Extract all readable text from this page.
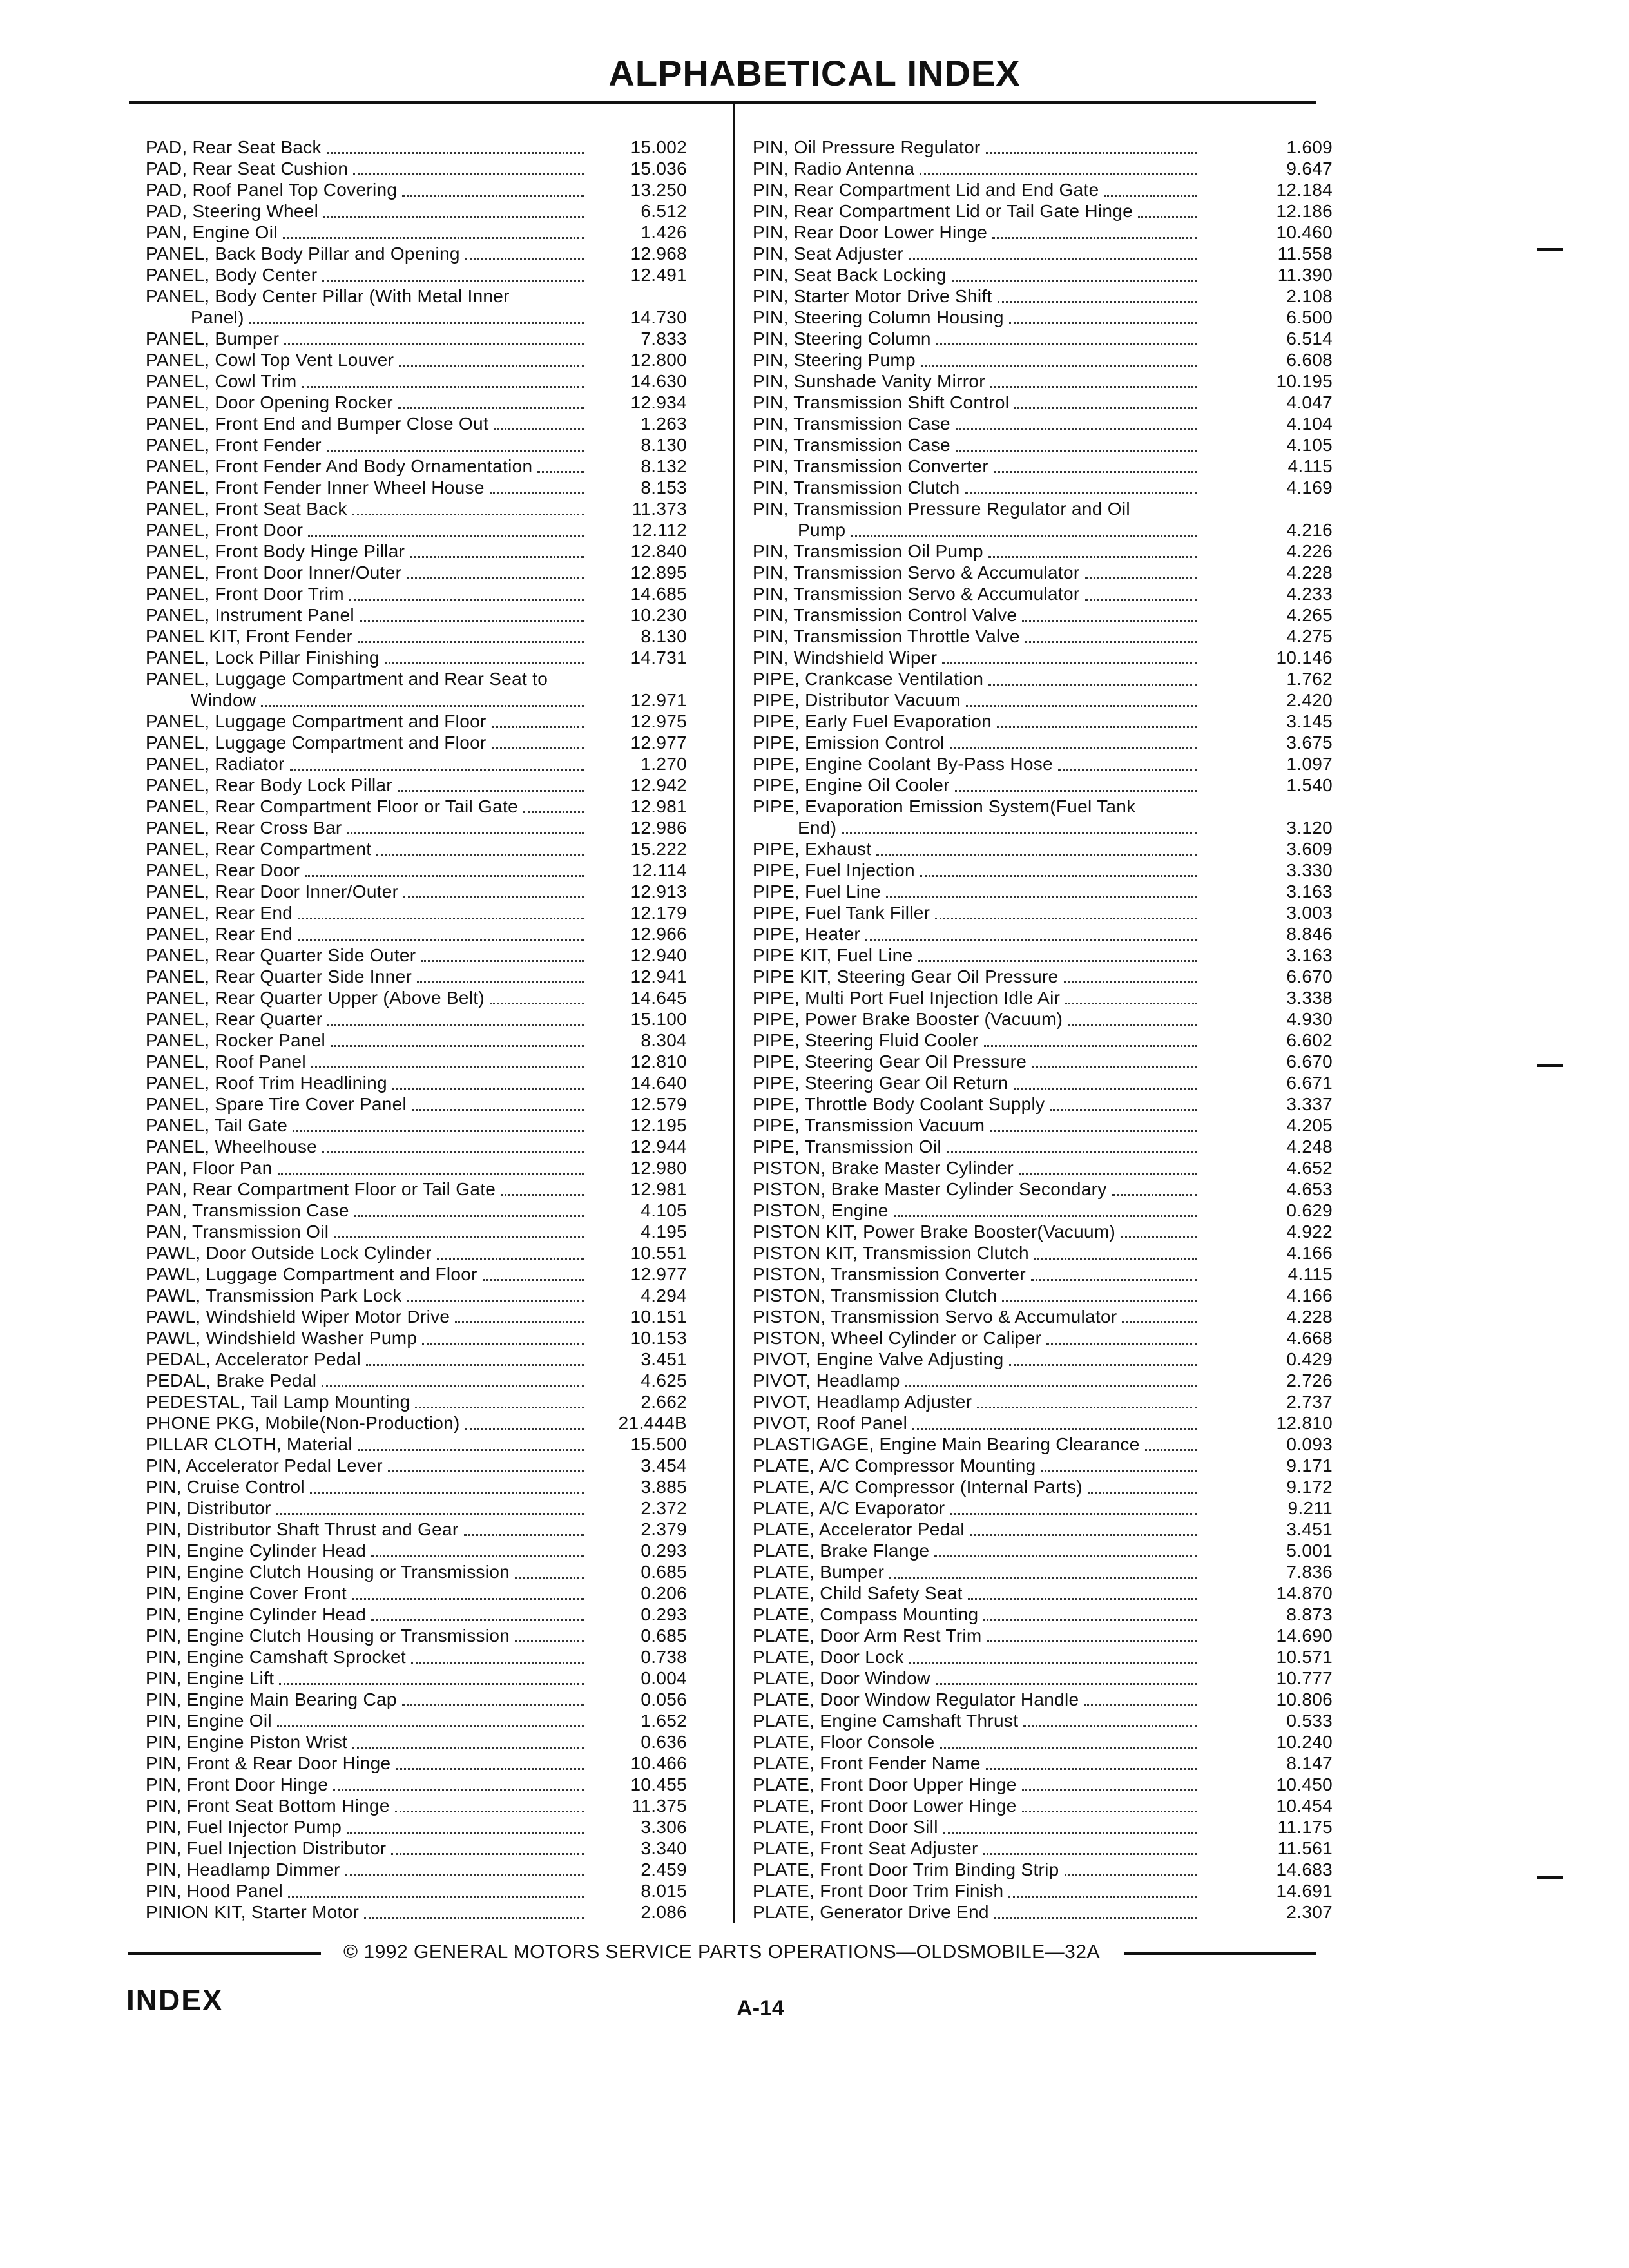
ALPHABETICAL INDEX
PAD, Rear Seat Back	15.002
PAD, Rear Seat Cushion	15.036
PAD, Roof Panel Top Covering	13.250
PAD, Steering Wheel	6.512
PAN, Engine Oil	1.426
PANEL, Back Body Pillar and Opening	12.968
PANEL, Body Center	12.491
PANEL, Body Center Pillar (With Metal Inner
Panel)	14.730
PANEL, Bumper	7.833
PANEL, Cowl Top Vent Louver	12.800
PANEL, Cowl Trim	14.630
PANEL, Door Opening Rocker	12.934
PANEL, Front End and Bumper Close Out	1.263
PANEL, Front Fender	8.130
PANEL, Front Fender And Body Ornamentation	8.132
PANEL, Front Fender Inner Wheel House	8.153
PANEL, Front Seat Back	11.373
PANEL, Front Door	12.112
PANEL, Front Body Hinge Pillar	12.840
PANEL, Front Door Inner/Outer	12.895
PANEL, Front Door Trim	14.685
PANEL, Instrument Panel	10.230
PANEL KIT, Front Fender	8.130
PANEL, Lock Pillar Finishing	14.731
PANEL, Luggage Compartment and Rear Seat to
Window	12.971
PANEL, Luggage Compartment and Floor	12.975
PANEL, Luggage Compartment and Floor	12.977
PANEL, Radiator	1.270
PANEL, Rear Body Lock Pillar	12.942
PANEL, Rear Compartment Floor or Tail Gate	12.981
PANEL, Rear Cross Bar	12.986
PANEL, Rear Compartment	15.222
PANEL, Rear Door	12.114
PANEL, Rear Door Inner/Outer	12.913
PANEL, Rear End	12.179
PANEL, Rear End	12.966
PANEL, Rear Quarter Side Outer	12.940
PANEL, Rear Quarter Side Inner	12.941
PANEL, Rear Quarter Upper (Above Belt)	14.645
PANEL, Rear Quarter	15.100
PANEL, Rocker Panel	8.304
PANEL, Roof Panel	12.810
PANEL, Roof Trim Headlining	14.640
PANEL, Spare Tire Cover Panel	12.579
PANEL, Tail Gate	12.195
PANEL, Wheelhouse	12.944
PAN, Floor Pan	12.980
PAN, Rear Compartment Floor or Tail Gate	12.981
PAN, Transmission Case	4.105
PAN, Transmission Oil	4.195
PAWL, Door Outside Lock Cylinder	10.551
PAWL, Luggage Compartment and Floor	12.977
PAWL, Transmission Park Lock	4.294
PAWL, Windshield Wiper Motor Drive	10.151
PAWL, Windshield Washer Pump	10.153
PEDAL, Accelerator Pedal	3.451
PEDAL, Brake Pedal	4.625
PEDESTAL, Tail Lamp Mounting	2.662
PHONE PKG, Mobile(Non-Production)	21.444B
PILLAR CLOTH, Material	15.500
PIN, Accelerator Pedal Lever	3.454
PIN, Cruise Control	3.885
PIN, Distributor	2.372
PIN, Distributor Shaft Thrust and Gear	2.379
PIN, Engine Cylinder Head	0.293
PIN, Engine Clutch Housing or Transmission	0.685
PIN, Engine Cover Front	0.206
PIN, Engine Cylinder Head	0.293
PIN, Engine Clutch Housing or Transmission	0.685
PIN, Engine Camshaft Sprocket	0.738
PIN, Engine Lift	0.004
PIN, Engine Main Bearing Cap	0.056
PIN, Engine Oil	1.652
PIN, Engine Piston Wrist	0.636
PIN, Front & Rear Door Hinge	10.466
PIN, Front Door Hinge	10.455
PIN, Front Seat Bottom Hinge	11.375
PIN, Fuel Injector Pump	3.306
PIN, Fuel Injection Distributor	3.340
PIN, Headlamp Dimmer	2.459
PIN, Hood Panel	8.015
PINION KIT, Starter Motor	2.086
PIN, Oil Pressure Regulator	1.609
PIN, Radio Antenna	9.647
PIN, Rear Compartment Lid and End Gate	12.184
PIN, Rear Compartment Lid or Tail Gate Hinge	12.186
PIN, Rear Door Lower Hinge	10.460
PIN, Seat Adjuster	11.558
PIN, Seat Back Locking	11.390
PIN, Starter Motor Drive Shift	2.108
PIN, Steering Column Housing	6.500
PIN, Steering Column	6.514
PIN, Steering Pump	6.608
PIN, Sunshade Vanity Mirror	10.195
PIN, Transmission Shift Control	4.047
PIN, Transmission Case	4.104
PIN, Transmission Case	4.105
PIN, Transmission Converter	4.115
PIN, Transmission Clutch	4.169
PIN, Transmission Pressure Regulator and Oil
Pump	4.216
PIN, Transmission Oil Pump	4.226
PIN, Transmission Servo & Accumulator	4.228
PIN, Transmission Servo & Accumulator	4.233
PIN, Transmission Control Valve	4.265
PIN, Transmission Throttle Valve	4.275
PIN, Windshield Wiper	10.146
PIPE, Crankcase Ventilation	1.762
PIPE, Distributor Vacuum	2.420
PIPE, Early Fuel Evaporation	3.145
PIPE, Emission Control	3.675
PIPE, Engine Coolant By-Pass Hose	1.097
PIPE, Engine Oil Cooler	1.540
PIPE, Evaporation Emission System(Fuel Tank
End)	3.120
PIPE, Exhaust	3.609
PIPE, Fuel Injection	3.330
PIPE, Fuel Line	3.163
PIPE, Fuel Tank Filler	3.003
PIPE, Heater	8.846
PIPE KIT, Fuel Line	3.163
PIPE KIT, Steering Gear Oil Pressure	6.670
PIPE, Multi Port Fuel Injection Idle Air	3.338
PIPE, Power Brake Booster (Vacuum)	4.930
PIPE, Steering Fluid Cooler	6.602
PIPE, Steering Gear Oil Pressure	6.670
PIPE, Steering Gear Oil Return	6.671
PIPE, Throttle Body Coolant Supply	3.337
PIPE, Transmission Vacuum	4.205
PIPE, Transmission Oil	4.248
PISTON, Brake Master Cylinder	4.652
PISTON, Brake Master Cylinder Secondary	4.653
PISTON, Engine	0.629
PISTON KIT, Power Brake Booster(Vacuum)	4.922
PISTON KIT, Transmission Clutch	4.166
PISTON, Transmission Converter	4.115
PISTON, Transmission Clutch	4.166
PISTON, Transmission Servo & Accumulator	4.228
PISTON, Wheel Cylinder or Caliper	4.668
PIVOT, Engine Valve Adjusting	0.429
PIVOT, Headlamp	2.726
PIVOT, Headlamp Adjuster	2.737
PIVOT, Roof Panel	12.810
PLASTIGAGE, Engine Main Bearing Clearance	0.093
PLATE, A/C Compressor Mounting	9.171
PLATE, A/C Compressor (Internal Parts)	9.172
PLATE, A/C Evaporator	9.211
PLATE, Accelerator Pedal	3.451
PLATE, Brake Flange	5.001
PLATE, Bumper	7.836
PLATE, Child Safety Seat	14.870
PLATE, Compass Mounting	8.873
PLATE, Door Arm Rest Trim	14.690
PLATE, Door Lock	10.571
PLATE, Door Window	10.777
PLATE, Door Window Regulator Handle	10.806
PLATE, Engine Camshaft Thrust	0.533
PLATE, Floor Console	10.240
PLATE, Front Fender Name	8.147
PLATE, Front Door Upper Hinge	10.450
PLATE, Front Door Lower Hinge	10.454
PLATE, Front Door Sill	11.175
PLATE, Front Seat Adjuster	11.561
PLATE, Front Door Trim Binding Strip	14.683
PLATE, Front Door Trim Finish	14.691
PLATE, Generator Drive End	2.307
© 1992 GENERAL MOTORS SERVICE PARTS OPERATIONS—OLDSMOBILE—32A
INDEX	A-14
